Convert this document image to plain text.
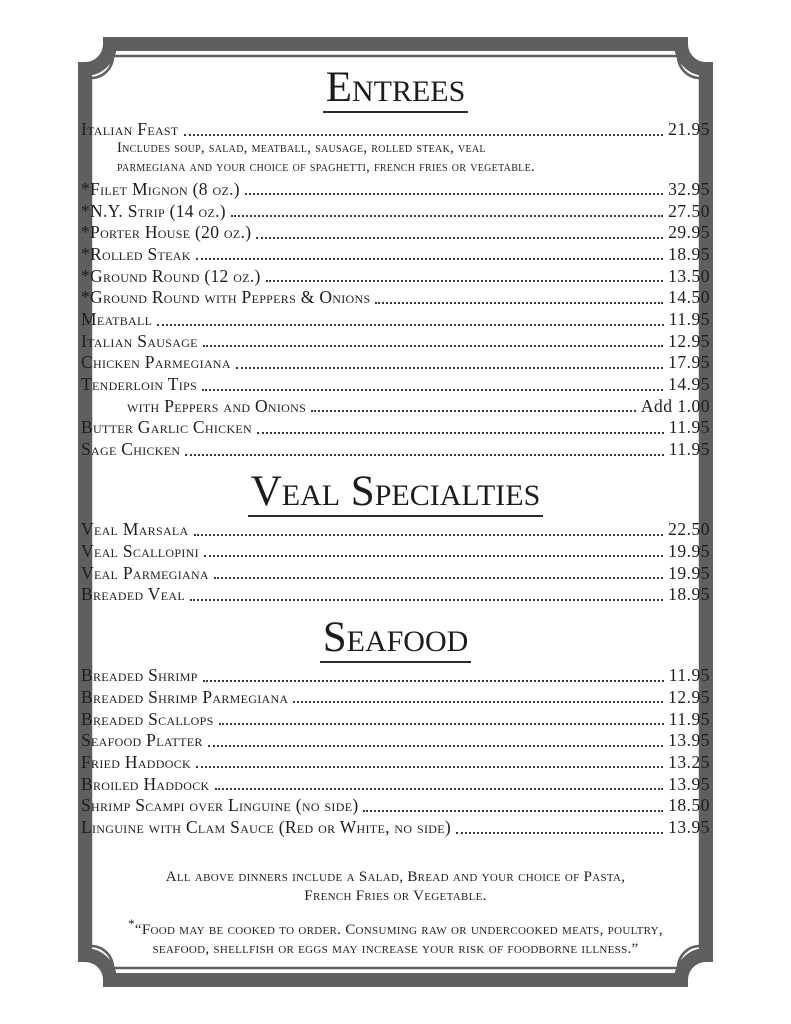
Entrees
Italian Feast	21.95
Includes soup, salad, meatball, sausage, rolled steak, veal
parmegiana and your choice of spaghetti, french fries or vegetable.
*Filet Mignon (8 oz.)	32.95
*N.Y. Strip (14 oz.)	27.50
*Porter House (20 oz.)	29.95
*Rolled Steak	18.95
*Ground Round (12 oz.)	13.50
*Ground Round with Peppers & Onions	14.50
Meatball	11.95
Italian Sausage	12.95
Chicken Parmegiana	17.95
Tenderloin Tips	14.95
with Peppers and Onions	Add 1.00
Butter Garlic Chicken	11.95
Sage Chicken	11.95
Veal Specialties
Veal Marsala	22.50
Veal Scallopini	19.95
Veal Parmegiana	19.95
Breaded Veal	18.95
Seafood
Breaded Shrimp	11.95
Breaded Shrimp Parmegiana	12.95
Breaded Scallops	11.95
Seafood Platter	13.95
Fried Haddock	13.25
Broiled Haddock	13.95
Shrimp Scampi over Linguine (no side)	18.50
Linguine with Clam Sauce (Red or White, no side)	13.95
All above dinners include a Salad, Bread and your choice of Pasta,
French Fries or Vegetable.
*“Food may be cooked to order. Consuming raw or undercooked meats, poultry,
seafood, shellfish or eggs may increase your risk of foodborne illness.”
